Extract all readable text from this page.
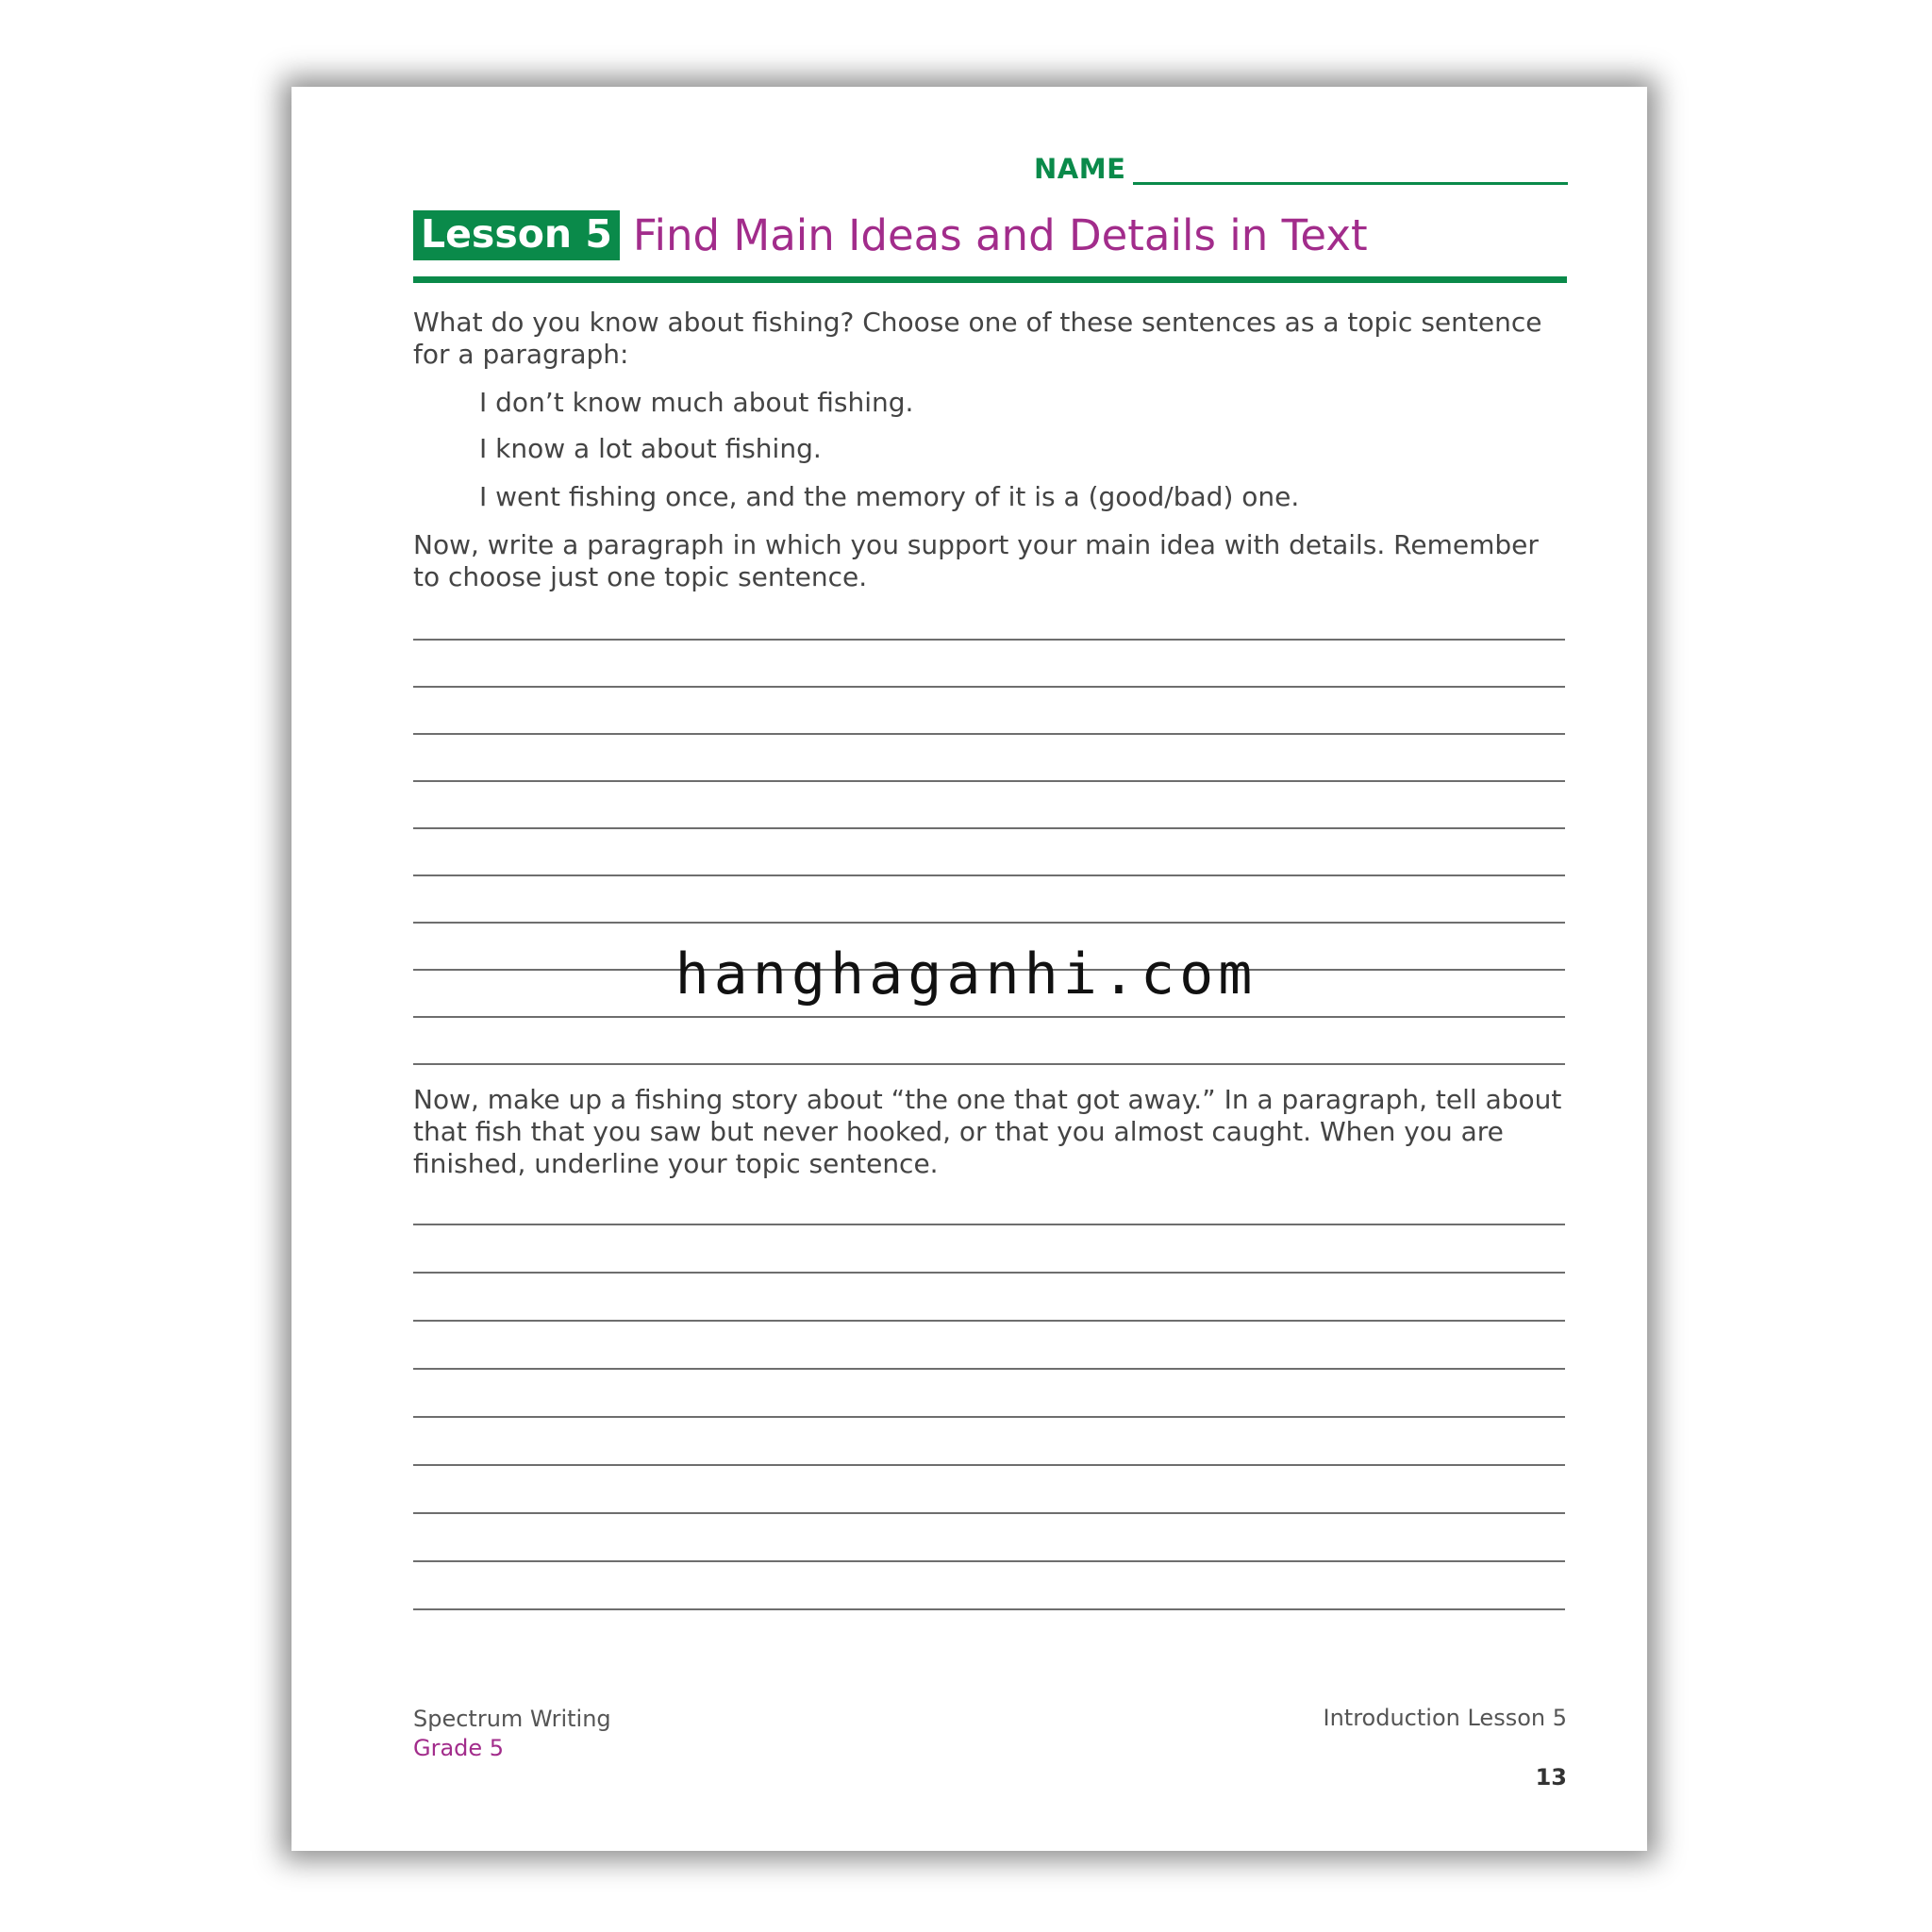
NAME
Lesson 5 Find Main Ideas and Details in Text
What do you know about fishing? Choose one of these sentences as a topic sentence for a paragraph:
I don’t know much about fishing.
I know a lot about fishing.
I went fishing once, and the memory of it is a (good/bad) one.
Now, write a paragraph in which you support your main idea with details. Remember to choose just one topic sentence.
Now, make up a fishing story about “the one that got away.” In a paragraph, tell about that fish that you saw but never hooked, or that you almost caught. When you are finished, underline your topic sentence.
Spectrum Writing
Grade 5
Introduction Lesson 5
13
hanghaganhi.com
